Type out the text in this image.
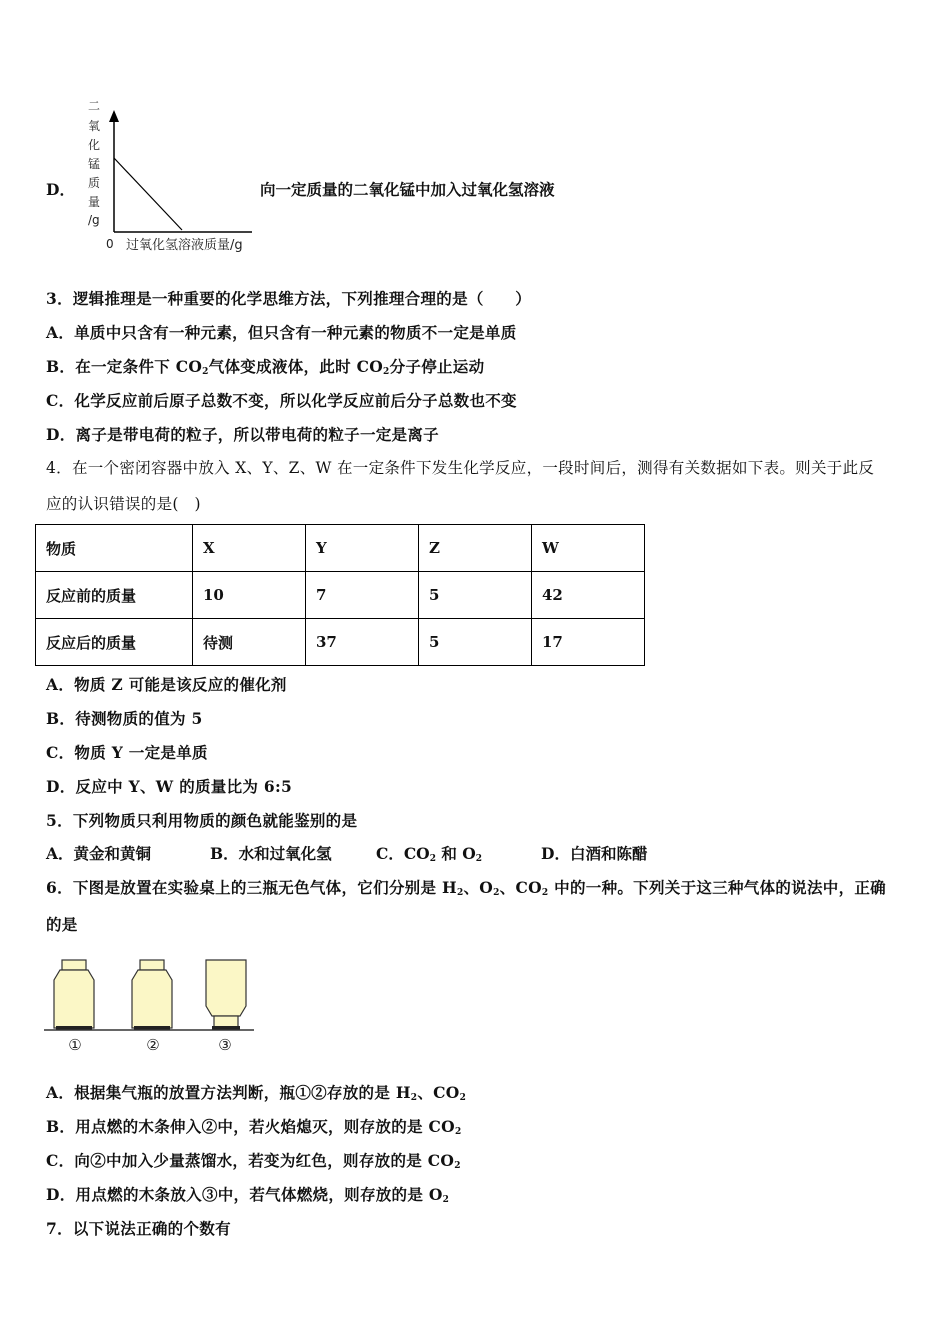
D．
二
氧
化
锰
质
量
/g
0 过氧化氢溶液质量/g
向一定质量的二氧化锰中加入过氧化氢溶液
3．逻辑推理是一种重要的化学思维方法，下列推理合理的是（　　）
A．单质中只含有一种元素，但只含有一种元素的物质不一定是单质
B．在一定条件下 $CO_2$气体变成液体，此时 $CO_2$分子停止运动
C．化学反应前后原子总数不变，所以化学反应前后分子总数也不变
D．离子是带电荷的粒子，所以带电荷的粒子一定是离子
4．在一个密闭容器中放入 X、Y、Z、W 在一定条件下发生化学反应，一段时间后，测得有关数据如下表。则关于此反
应的认识错误的是(　)
物质	X	Y	Z	W
反应前的质量	10	7	5	42
反应后的质量	待测	37	5	17
A．物质 Z 可能是该反应的催化剂
B．待测物质的值为 5
C．物质 Y 一定是单质
D．反应中 Y、W 的质量比为 6:5
5．下列物质只利用物质的颜色就能鉴别的是
A．黄金和黄铜	B．水和过氧化氢	C．$CO_2$ 和 $O_2$	D．白酒和陈醋
6．下图是放置在实验桌上的三瓶无色气体，它们分别是 $H_2$、$O_2$、$CO_2$ 中的一种。下列关于这三种气体的说法中，正确
的是
①	②	③
A．根据集气瓶的放置方法判断，瓶①②存放的是 $H_2$、$CO_2$
B．用点燃的木条伸入②中，若火焰熄灭，则存放的是 $CO_2$
C．向②中加入少量蒸馏水，若变为红色，则存放的是 $CO_2$
D．用点燃的木条放入③中，若气体燃烧，则存放的是 $O_2$
7．以下说法正确的个数有
